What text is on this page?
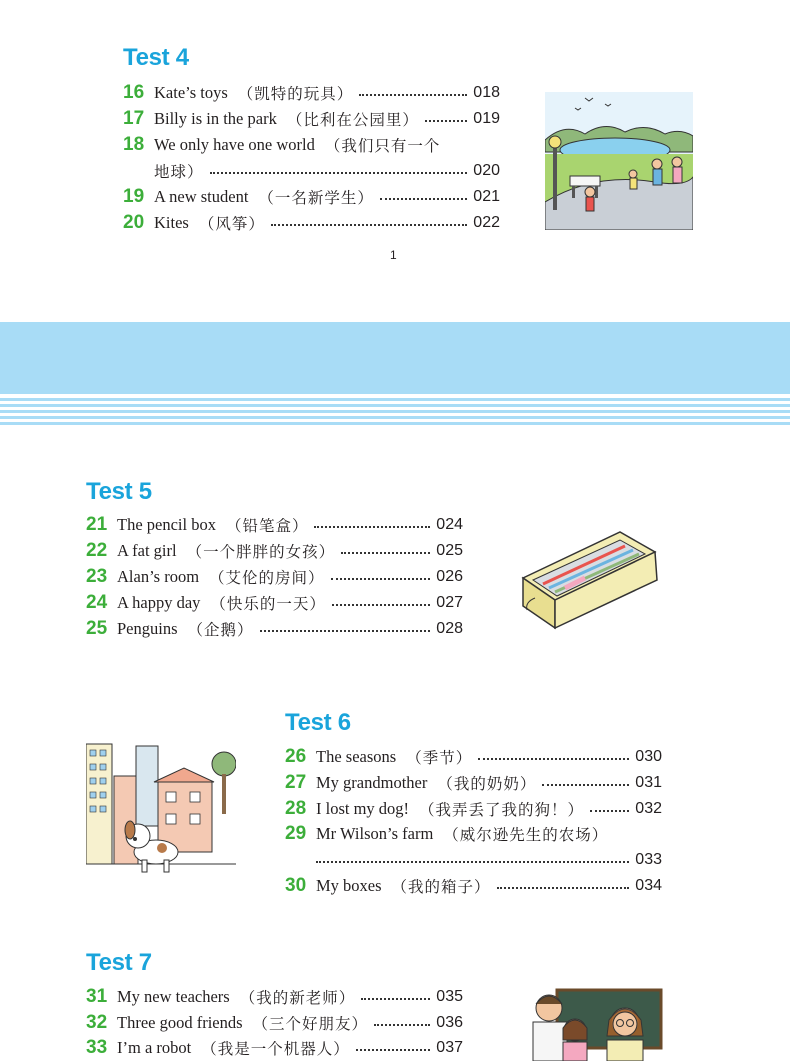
Test 4
16 Kate’s toys （凯特的玩具）	018
17 Billy is in the park （比利在公园里）	019
18 We only have one world （我们只有一个
地球）	020
19 A new student （一名新学生）	021
20 Kites （风筝）	022
1
Test 5
21 The pencil box （铅笔盒）	024
22 A fat girl （一个胖胖的女孩）	025
23 Alan’s room （艾伦的房间）	026
24 A happy day （快乐的一天）	027
25 Penguins （企鹅）	028
Test 6
26 The seasons （季节）	030
27 My grandmother （我的奶奶）	031
28 I lost my dog! （我弄丢了我的狗！）	032
29 Mr Wilson’s farm （威尔逊先生的农场）
033
30 My boxes （我的箱子）	034
Test 7
31 My new teachers （我的新老师）	035
32 Three good friends （三个好朋友）	036
33 I’m a robot （我是一个机器人）	037
